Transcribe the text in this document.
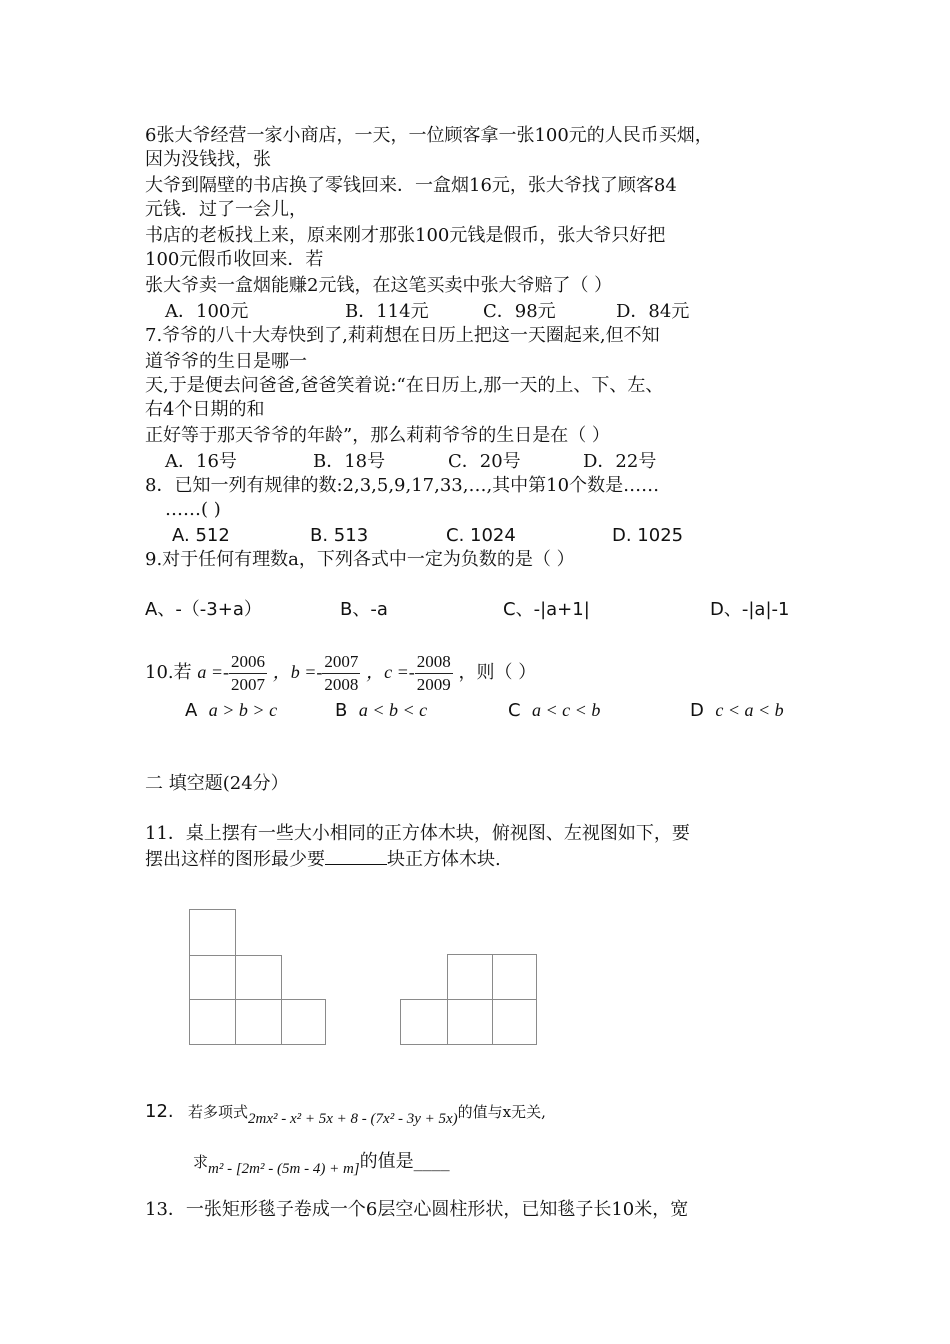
6张大爷经营一家小商店，一天，一位顾客拿一张100元的人民币买烟，
因为没钱找，张
大爷到隔壁的书店换了零钱回来．一盒烟16元，张大爷找了顾客84
元钱．过了一会儿，
书店的老板找上来，原来刚才那张100元钱是假币，张大爷只好把
100元假币收回来．若
张大爷卖一盒烟能赚2元钱，在这笔买卖中张大爷赔了（ ）
A．100元	B．114元	C．98元	D．84元
7.爷爷的八十大寿快到了,莉莉想在日历上把这一天圈起来,但不知
道爷爷的生日是哪一
天,于是便去问爸爸,爸爸笑着说:“在日历上,那一天的上、下、左、
右4个日期的和
正好等于那天爷爷的年龄”，那么莉莉爷爷的生日是在（ ）
A．16号	B．18号	C．20号	D．22号
8．已知一列有规律的数:2,3,5,9,17,33,…,其中第10个数是……
……( )
A. 512	B. 513	C. 1024	D. 1025
9.对于任何有理数a，下列各式中一定为负数的是（ ）
A、-（-3+a）	B、-a	C、-|a+1|	D、-|a|-1
10.若 $a =- \frac{2006}{2007}$ ，$b =- \frac{2007}{2008}$ ，$c =- \frac{2008}{2009}$ ，则（ ）
A a > b > c	B a < b < c	C a < c < b	D c < a < b
二 填空题(24分）
11．桌上摆有一些大小相同的正方体木块，俯视图、左视图如下，要
摆出这样的图形最少要	块正方体木块.
12. 若多项式2mx² - x² + 5x + 8 - (7x² - 3y + 5x)的值与x无关,
求m² - [2m² - (5m - 4) + m]的值是____
13．一张矩形毯子卷成一个6层空心圆柱形状，已知毯子长10米，宽
